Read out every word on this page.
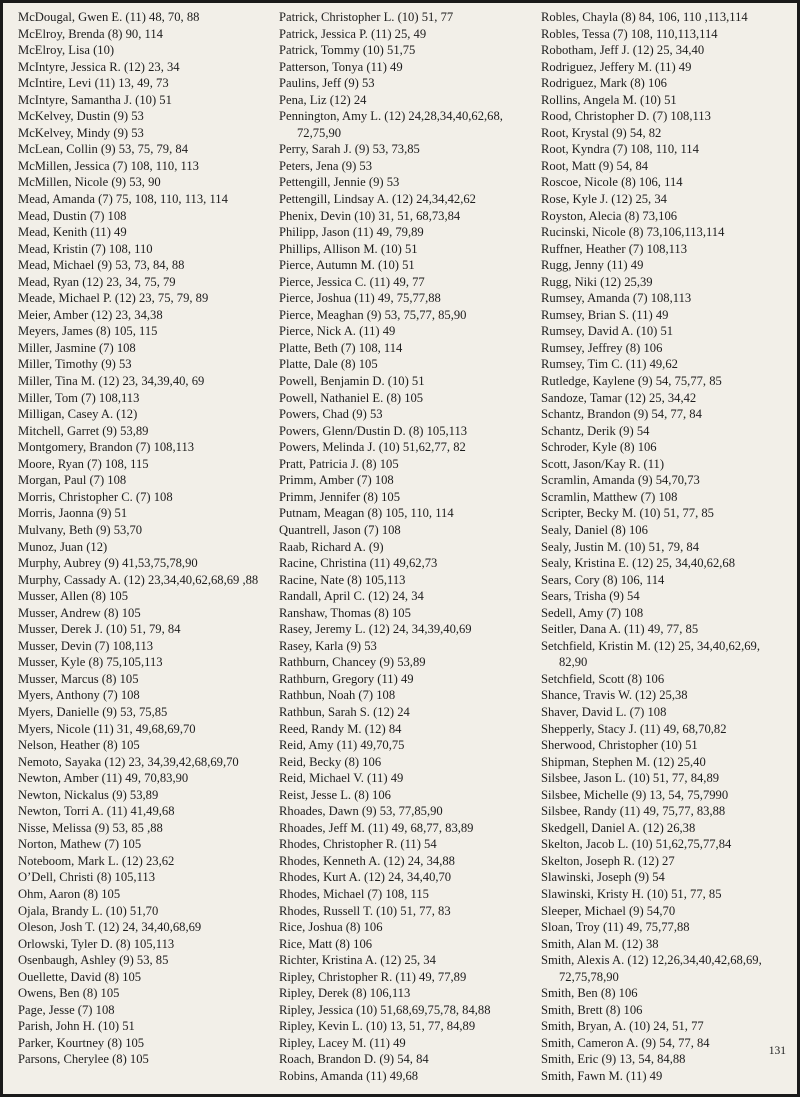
McDougal, Gwen E. (11) 48, 70, 88
McElroy, Brenda (8) 90, 114
McElroy, Lisa (10)
McIntyre, Jessica R. (12) 23, 34
McIntire, Levi (11) 13, 49, 73
McIntyre, Samantha J. (10) 51
McKelvey, Dustin (9) 53
McKelvey, Mindy (9) 53
McLean, Collin (9) 53, 75, 79, 84
McMillen, Jessica (7) 108, 110, 113
McMillen, Nicole (9) 53, 90
Mead, Amanda (7) 75, 108, 110, 113, 114
Mead, Dustin (7) 108
Mead, Kenith (11) 49
Mead, Kristin (7) 108, 110
Mead, Michael (9) 53, 73, 84, 88
Mead, Ryan (12) 23, 34, 75, 79
Meade, Michael P. (12) 23, 75, 79, 89
Meier, Amber (12) 23, 34,38
Meyers, James (8) 105, 115
Miller, Jasmine (7) 108
Miller, Timothy (9) 53
Miller, Tina M. (12) 23, 34,39,40, 69
Miller, Tom (7) 108,113
Milligan, Casey A. (12)
Mitchell, Garret (9) 53,89
Montgomery, Brandon (7) 108,113
Moore, Ryan (7) 108, 115
Morgan, Paul (7) 108
Morris, Christopher C. (7) 108
Morris, Jaonna (9) 51
Mulvany, Beth (9) 53,70
Munoz, Juan (12)
Murphy, Aubrey (9) 41,53,75,78,90
Murphy, Cassady A. (12) 23,34,40,62,68,69 ,88
Musser, Allen (8) 105
Musser, Andrew (8) 105
Musser, Derek J. (10) 51, 79, 84
Musser, Devin (7) 108,113
Musser, Kyle (8) 75,105,113
Musser, Marcus (8) 105
Myers, Anthony (7) 108
Myers, Danielle (9) 53, 75,85
Myers, Nicole (11) 31, 49,68,69,70
Nelson, Heather (8) 105
Nemoto, Sayaka (12) 23, 34,39,42,68,69,70
Newton, Amber (11) 49, 70,83,90
Newton, Nickalus (9) 53,89
Newton, Torri A. (11) 41,49,68
Nisse, Melissa (9) 53, 85 ,88
Norton, Mathew (7) 105
Noteboom, Mark L. (12) 23,62
O’Dell, Christi (8) 105,113
Ohm, Aaron (8) 105
Ojala, Brandy L. (10) 51,70
Oleson, Josh T. (12) 24, 34,40,68,69
Orlowski, Tyler D. (8) 105,113
Osenbaugh, Ashley (9) 53, 85
Ouellette, David (8) 105
Owens, Ben (8) 105
Page, Jesse (7) 108
Parish, John H. (10) 51
Parker, Kourtney (8) 105
Parsons, Cherylee (8) 105
Patrick, Christopher L. (10) 51, 77
Patrick, Jessica P. (11) 25, 49
Patrick, Tommy (10) 51,75
Patterson, Tonya (11) 49
Paulins, Jeff (9) 53
Pena, Liz (12) 24
Pennington, Amy L. (12) 24,28,34,40,62,68, 72,75,90
Perry, Sarah J. (9) 53, 73,85
Peters, Jena (9) 53
Pettengill, Jennie (9) 53
Pettengill, Lindsay A. (12) 24,34,42,62
Phenix, Devin (10) 31, 51, 68,73,84
Philipp, Jason (11) 49, 79,89
Phillips, Allison M. (10) 51
Pierce, Autumn M. (10) 51
Pierce, Jessica C. (11) 49, 77
Pierce, Joshua (11) 49, 75,77,88
Pierce, Meaghan (9) 53, 75,77, 85,90
Pierce, Nick A. (11) 49
Platte, Beth (7) 108, 114
Platte, Dale (8) 105
Powell, Benjamin D. (10) 51
Powell, Nathaniel E. (8) 105
Powers, Chad (9) 53
Powers, Glenn/Dustin D. (8) 105,113
Powers, Melinda J. (10) 51,62,77, 82
Pratt, Patricia J. (8) 105
Primm, Amber (7) 108
Primm, Jennifer (8) 105
Putnam, Meagan (8) 105, 110, 114
Quantrell, Jason (7) 108
Raab, Richard A. (9)
Racine, Christina (11) 49,62,73
Racine, Nate (8) 105,113
Randall, April C. (12) 24, 34
Ranshaw, Thomas (8) 105
Rasey, Jeremy L. (12) 24, 34,39,40,69
Rasey, Karla (9) 53
Rathburn, Chancey (9) 53,89
Rathburn, Gregory (11) 49
Rathbun, Noah (7) 108
Rathbun, Sarah S. (12) 24
Reed, Randy M. (12) 84
Reid, Amy (11) 49,70,75
Reid, Becky (8) 106
Reid, Michael V. (11) 49
Reist, Jesse L. (8) 106
Rhoades, Dawn (9) 53, 77,85,90
Rhoades, Jeff M. (11) 49, 68,77, 83,89
Rhodes, Christopher R. (11) 54
Rhodes, Kenneth A. (12) 24, 34,88
Rhodes, Kurt A. (12) 24, 34,40,70
Rhodes, Michael (7) 108, 115
Rhodes, Russell T. (10) 51, 77, 83
Rice, Joshua (8) 106
Rice, Matt (8) 106
Richter, Kristina A. (12) 25, 34
Ripley, Christopher R. (11) 49, 77,89
Ripley, Derek (8) 106,113
Ripley, Jessica (10) 51,68,69,75,78, 84,88
Ripley, Kevin L. (10) 13, 51, 77, 84,89
Ripley, Lacey M. (11) 49
Roach, Brandon D. (9) 54, 84
Robins, Amanda (11) 49,68
Robles, Chayla (8) 84, 106, 110 ,113,114
Robles, Tessa (7) 108, 110,113,114
Robotham, Jeff J. (12) 25, 34,40
Rodriguez, Jeffery M. (11) 49
Rodriguez, Mark (8) 106
Rollins, Angela M. (10) 51
Rood, Christopher D. (7) 108,113
Root, Krystal (9) 54, 82
Root, Kyndra (7) 108, 110, 114
Root, Matt (9) 54, 84
Roscoe, Nicole (8) 106, 114
Rose, Kyle J. (12) 25, 34
Royston, Alecia (8) 73,106
Rucinski, Nicole (8) 73,106,113,114
Ruffner, Heather (7) 108,113
Rugg, Jenny (11) 49
Rugg, Niki (12) 25,39
Rumsey, Amanda (7) 108,113
Rumsey, Brian S. (11) 49
Rumsey, David A. (10) 51
Rumsey, Jeffrey (8) 106
Rumsey, Tim C. (11) 49,62
Rutledge, Kaylene (9) 54, 75,77, 85
Sandoze, Tamar (12) 25, 34,42
Schantz, Brandon (9) 54, 77, 84
Schantz, Derik (9) 54
Schroder, Kyle (8) 106
Scott, Jason/Kay R. (11)
Scramlin, Amanda (9) 54,70,73
Scramlin, Matthew (7) 108
Scripter, Becky M. (10) 51, 77, 85
Sealy, Daniel (8) 106
Sealy, Justin M. (10) 51, 79, 84
Sealy, Kristina E. (12) 25, 34,40,62,68
Sears, Cory (8) 106, 114
Sears, Trisha (9) 54
Sedell, Amy (7) 108
Seitler, Dana A. (11) 49, 77, 85
Setchfield, Kristin M. (12) 25, 34,40,62,69, 82,90
Setchfield, Scott (8) 106
Shance, Travis W. (12) 25,38
Shaver, David L. (7) 108
Shepperly, Stacy J. (11) 49, 68,70,82
Sherwood, Christopher (10) 51
Shipman, Stephen M. (12) 25,40
Silsbee, Jason L. (10) 51, 77, 84,89
Silsbee, Michelle (9) 13, 54, 75,7990
Silsbee, Randy (11) 49, 75,77, 83,88
Skedgell, Daniel A. (12) 26,38
Skelton, Jacob L. (10) 51,62,75,77,84
Skelton, Joseph R. (12) 27
Slawinski, Joseph (9) 54
Slawinski, Kristy H. (10) 51, 77, 85
Sleeper, Michael (9) 54,70
Sloan, Troy (11) 49, 75,77,88
Smith, Alan M. (12) 38
Smith, Alexis A. (12) 12,26,34,40,42,68,69, 72,75,78,90
Smith, Ben (8) 106
Smith, Brett (8) 106
Smith, Bryan, A. (10) 24, 51, 77
Smith, Cameron A. (9) 54, 77, 84
Smith, Eric (9) 13, 54, 84,88
Smith, Fawn M. (11) 49
131
